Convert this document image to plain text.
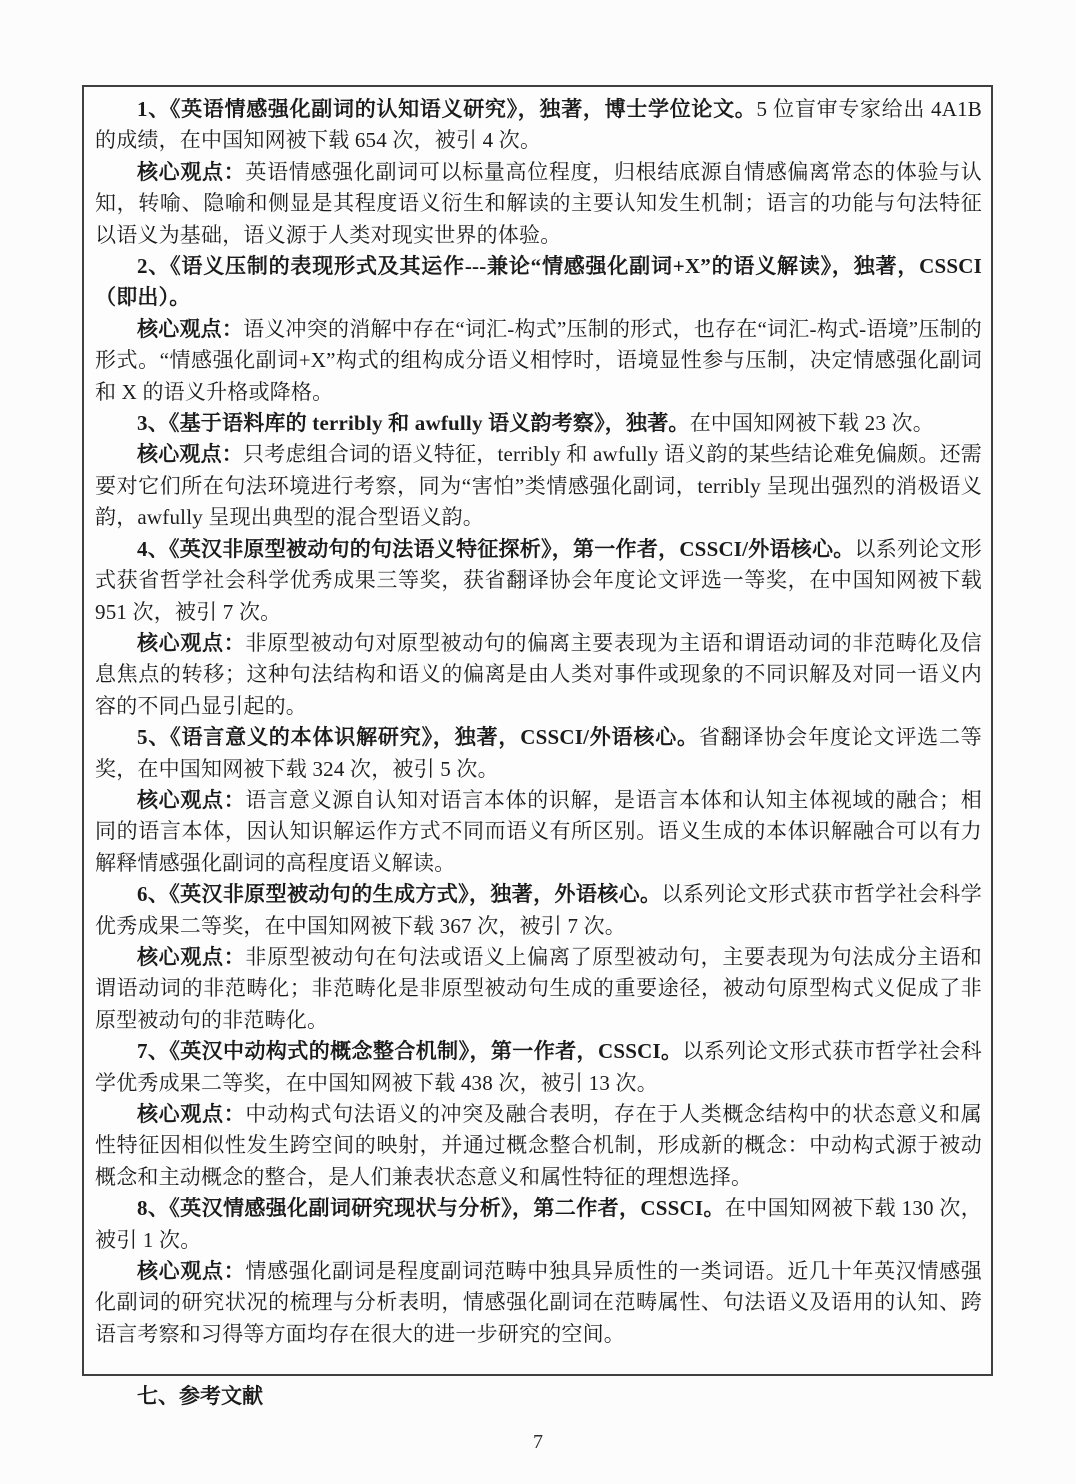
1、《英语情感强化副词的认知语义研究》，独著，博士学位论文。5 位盲审专家给出 4A1B 的成绩，在中国知网被下载 654 次，被引 4 次。

核心观点：英语情感强化副词可以标量高位程度，归根结底源自情感偏离常态的体验与认知，转喻、隐喻和侧显是其程度语义衍生和解读的主要认知发生机制；语言的功能与句法特征以语义为基础，语义源于人类对现实世界的体验。

2、《语义压制的表现形式及其运作---兼论“情感强化副词+X”的语义解读》，独著，CSSCI（即出）。

核心观点：语义冲突的消解中存在“词汇-构式”压制的形式，也存在“词汇-构式-语境”压制的形式。“情感强化副词+X”构式的组构成分语义相悖时，语境显性参与压制，决定情感强化副词和 X 的语义升格或降格。

3、《基于语料库的 terribly 和 awfully 语义韵考察》，独著。在中国知网被下载 23 次。

核心观点：只考虑组合词的语义特征，terribly 和 awfully 语义韵的某些结论难免偏颇。还需要对它们所在句法环境进行考察，同为“害怕”类情感强化副词，terribly 呈现出强烈的消极语义韵，awfully 呈现出典型的混合型语义韵。

4、《英汉非原型被动句的句法语义特征探析》，第一作者，CSSCI/外语核心。以系列论文形式获省哲学社会科学优秀成果三等奖，获省翻译协会年度论文评选一等奖，在中国知网被下载 951 次，被引 7 次。

核心观点：非原型被动句对原型被动句的偏离主要表现为主语和谓语动词的非范畴化及信息焦点的转移；这种句法结构和语义的偏离是由人类对事件或现象的不同识解及对同一语义内容的不同凸显引起的。

5、《语言意义的本体识解研究》，独著，CSSCI/外语核心。省翻译协会年度论文评选二等奖，在中国知网被下载 324 次，被引 5 次。

核心观点：语言意义源自认知对语言本体的识解，是语言本体和认知主体视域的融合；相同的语言本体，因认知识解运作方式不同而语义有所区别。语义生成的本体识解融合可以有力解释情感强化副词的高程度语义解读。

6、《英汉非原型被动句的生成方式》，独著，外语核心。以系列论文形式获市哲学社会科学优秀成果二等奖，在中国知网被下载 367 次，被引 7 次。

核心观点：非原型被动句在句法或语义上偏离了原型被动句，主要表现为句法成分主语和谓语动词的非范畴化；非范畴化是非原型被动句生成的重要途径，被动句原型构式义促成了非原型被动句的非范畴化。

7、《英汉中动构式的概念整合机制》，第一作者，CSSCI。以系列论文形式获市哲学社会科学优秀成果二等奖，在中国知网被下载 438 次，被引 13 次。

核心观点：中动构式句法语义的冲突及融合表明，存在于人类概念结构中的状态意义和属性特征因相似性发生跨空间的映射，并通过概念整合机制，形成新的概念：中动构式源于被动概念和主动概念的整合，是人们兼表状态意义和属性特征的理想选择。

8、《英汉情感强化副词研究现状与分析》，第二作者，CSSCI。在中国知网被下载 130 次，被引 1 次。

核心观点：情感强化副词是程度副词范畴中独具异质性的一类词语。近几十年英汉情感强化副词的研究状况的梳理与分析表明，情感强化副词在范畴属性、句法语义及语用的认知、跨语言考察和习得等方面均存在很大的进一步研究的空间。

七、参考文献

7
